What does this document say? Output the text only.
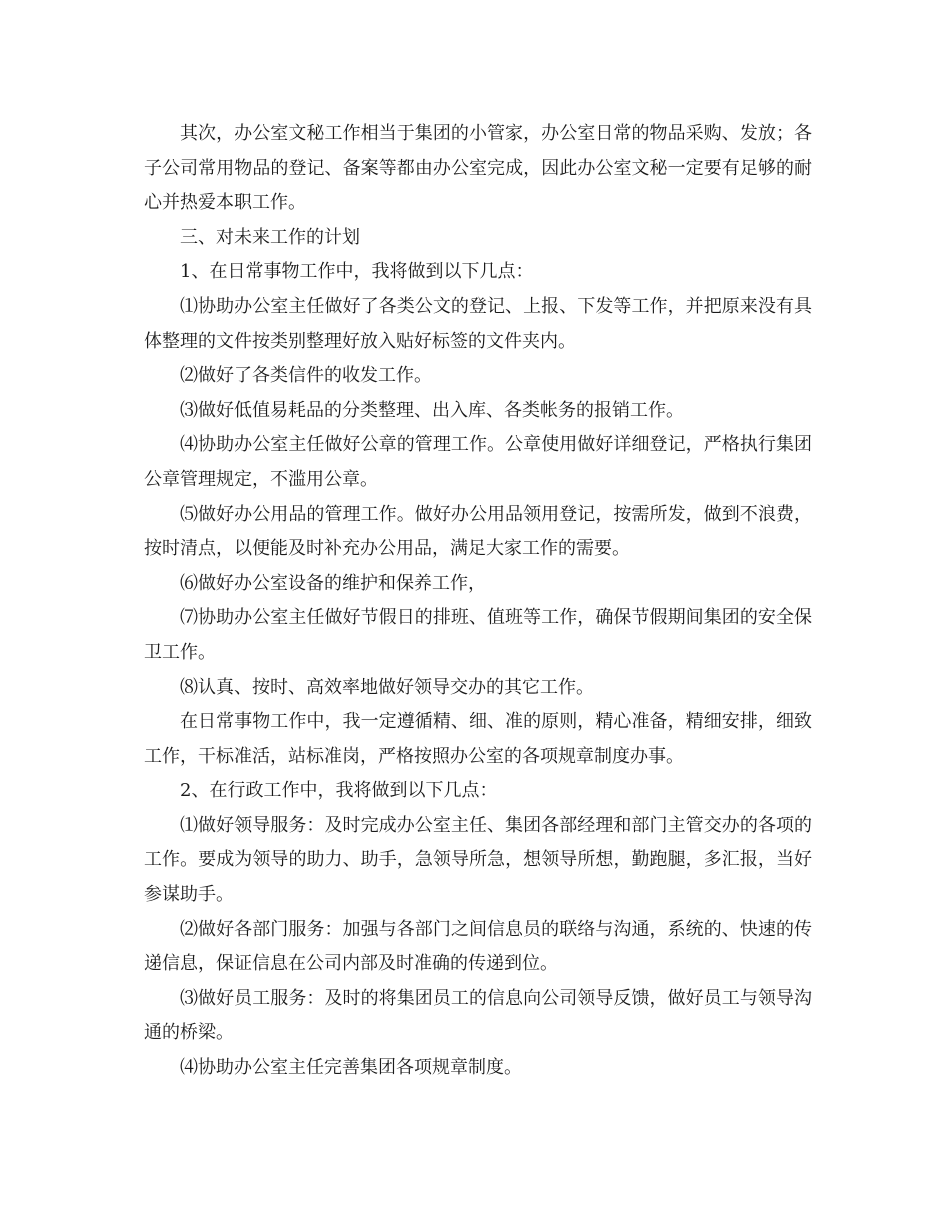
其次，办公室文秘工作相当于集团的小管家，办公室日常的物品采购、发放；各子公司常用物品的登记、备案等都由办公室完成，因此办公室文秘一定要有足够的耐心并热爱本职工作。

三、对未来工作的计划

1、在日常事物工作中，我将做到以下几点：

⑴协助办公室主任做好了各类公文的登记、上报、下发等工作，并把原来没有具体整理的文件按类别整理好放入贴好标签的文件夹内。

⑵做好了各类信件的收发工作。

⑶做好低值易耗品的分类整理、出入库、各类帐务的报销工作。

⑷协助办公室主任做好公章的管理工作。公章使用做好详细登记，严格执行集团公章管理规定，不滥用公章。

⑸做好办公用品的管理工作。做好办公用品领用登记，按需所发，做到不浪费，按时清点，以便能及时补充办公用品，满足大家工作的需要。

⑹做好办公室设备的维护和保养工作，

⑺协助办公室主任做好节假日的排班、值班等工作，确保节假期间集团的安全保卫工作。

⑻认真、按时、高效率地做好领导交办的其它工作。

在日常事物工作中，我一定遵循精、细、准的原则，精心准备，精细安排，细致工作，干标准活，站标准岗，严格按照办公室的各项规章制度办事。

2、在行政工作中，我将做到以下几点：

⑴做好领导服务：及时完成办公室主任、集团各部经理和部门主管交办的各项的工作。要成为领导的助力、助手，急领导所急，想领导所想，勤跑腿，多汇报，当好参谋助手。

⑵做好各部门服务：加强与各部门之间信息员的联络与沟通，系统的、快速的传递信息，保证信息在公司内部及时准确的传递到位。

⑶做好员工服务：及时的将集团员工的信息向公司领导反馈，做好员工与领导沟通的桥梁。

⑷协助办公室主任完善集团各项规章制度。
